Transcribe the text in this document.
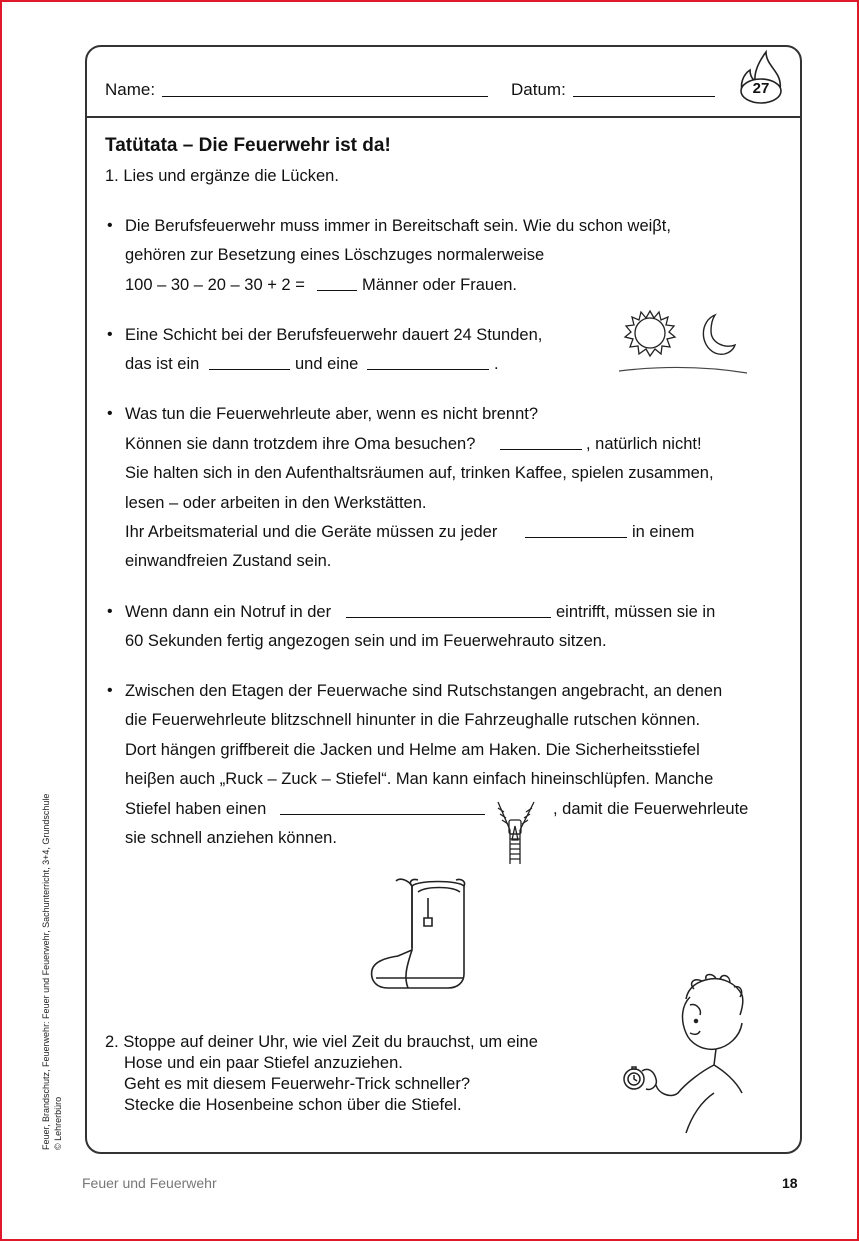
Name:	Datum:	27
Tatütata – Die Feuerwehr ist da!
1. Lies und ergänze die Lücken.
• Die Berufsfeuerwehr muss immer in Bereitschaft sein. Wie du schon weiβt,
gehören zur Besetzung eines Löschzuges normalerweise
100 – 30 – 20 – 30 + 2 =	Männer oder Frauen.
• Eine Schicht bei der Berufsfeuerwehr dauert 24 Stunden,
das ist ein	und eine	.
• Was tun die Feuerwehrleute aber, wenn es nicht brennt?
Können sie dann trotzdem ihre Oma besuchen?	, natürlich nicht!
Sie halten sich in den Aufenthaltsräumen auf, trinken Kaffee, spielen zusammen,
lesen – oder arbeiten in den Werkstätten.
Ihr Arbeitsmaterial und die Geräte müssen zu jeder	in einem
einwandfreien Zustand sein.
• Wenn dann ein Notruf in der	eintrifft, müssen sie in
60 Sekunden fertig angezogen sein und im Feuerwehrauto sitzen.
• Zwischen den Etagen der Feuerwache sind Rutschstangen angebracht, an denen
die Feuerwehrleute blitzschnell hinunter in die Fahrzeughalle rutschen können.
Dort hängen griffbereit die Jacken und Helme am Haken. Die Sicherheitsstiefel
heiβen auch „Ruck – Zuck – Stiefel“. Man kann einfach hineinschlüpfen. Manche
Stiefel haben einen	, damit die Feuerwehrleute
sie schnell anziehen können.
2. Stoppe auf deiner Uhr, wie viel Zeit du brauchst, um eine
Hose und ein paar Stiefel anzuziehen.
Geht es mit diesem Feuerwehr-Trick schneller?
Stecke die Hosenbeine schon über die Stiefel.
Feuer, Brandschutz, Feuerwehr: Feuer und Feuerwehr, Sachunterricht, 3+4, Grundschule © Lehrerbüro
Feuer und Feuerwehr	18
